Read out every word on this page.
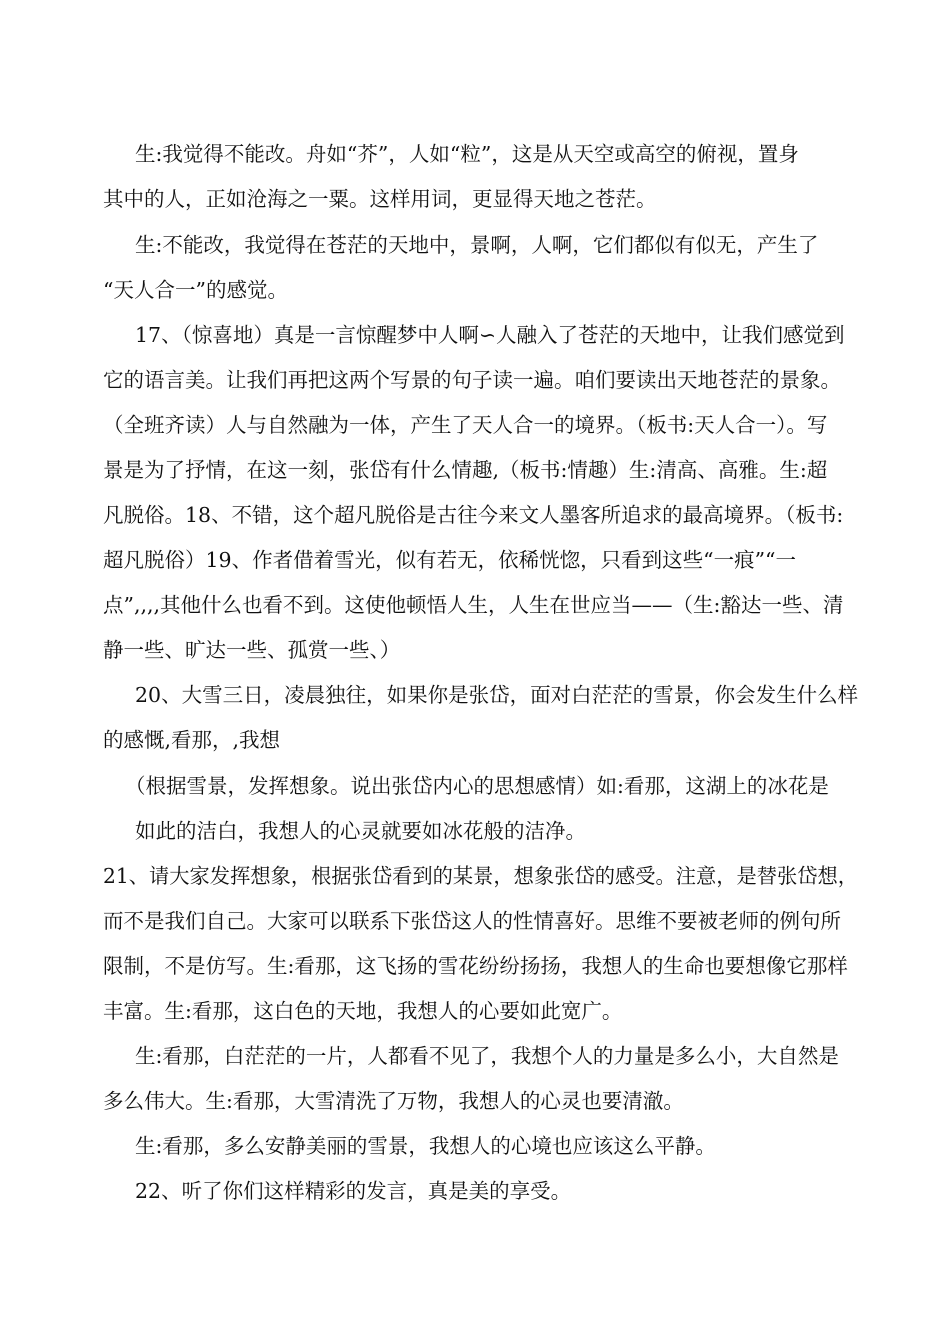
生:我觉得不能改。舟如“芥”，人如“粒”，这是从天空或高空的俯视，置身
其中的人，正如沧海之一粟。这样用词，更显得天地之苍茫。
生:不能改，我觉得在苍茫的天地中，景啊，人啊，它们都似有似无，产生了
“天人合一”的感觉。
17、（惊喜地）真是一言惊醒梦中人啊∽人融入了苍茫的天地中，让我们感觉到
它的语言美。让我们再把这两个写景的句子读一遍。咱们要读出天地苍茫的景象。
（全班齐读）人与自然融为一体，产生了天人合一的境界。（板书:天人合一）。写
景是为了抒情，在这一刻，张岱有什么情趣,（板书:情趣）生:清高、高雅。生:超
凡脱俗。18、不错，这个超凡脱俗是古往今来文人墨客所追求的最高境界。（板书:
超凡脱俗）19、作者借着雪光，似有若无，依稀恍惚，只看到这些“一痕”“一
点”,,,,其他什么也看不到。这使他顿悟人生，人生在世应当——（生:豁达一些、清
静一些、旷达一些、孤赏一些、）
20、大雪三日，凌晨独往，如果你是张岱，面对白茫茫的雪景，你会发生什么样
的感慨,看那，,我想
（根据雪景，发挥想象。说出张岱内心的思想感情）如:看那，这湖上的冰花是
如此的洁白，我想人的心灵就要如冰花般的洁净。
21、请大家发挥想象，根据张岱看到的某景，想象张岱的感受。注意，是替张岱想，
而不是我们自己。大家可以联系下张岱这人的性情喜好。思维不要被老师的例句所
限制，不是仿写。生:看那，这飞扬的雪花纷纷扬扬，我想人的生命也要想像它那样
丰富。生:看那，这白色的天地，我想人的心要如此宽广。
生:看那，白茫茫的一片，人都看不见了，我想个人的力量是多么小，大自然是
多么伟大。生:看那，大雪清洗了万物，我想人的心灵也要清澈。
生:看那，多么安静美丽的雪景，我想人的心境也应该这么平静。
22、听了你们这样精彩的发言，真是美的享受。
